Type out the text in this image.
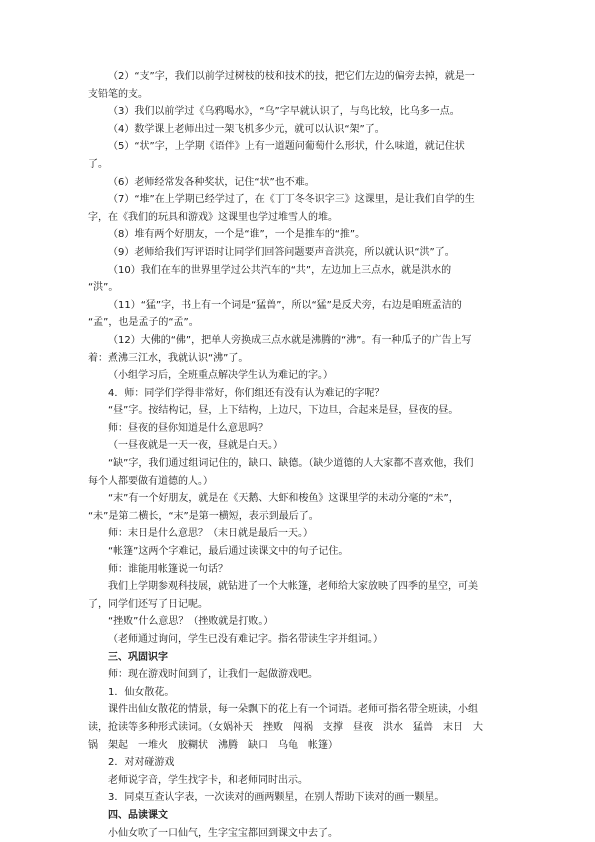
（2）“支”字，我们以前学过树枝的枝和技术的技，把它们左边的偏旁去掉，就是一
支铅笔的支。
（3）我们以前学过《乌鸦喝水》，“乌”字早就认识了，与鸟比较，比乌多一点。
（4）数学课上老师出过一架飞机多少元，就可以认识“架”了。
（5）“状”字，上学期《语伴》上有一道题问葡萄什么形状，什么味道，就记住状
了。
（6）老师经常发各种奖状，记住“状”也不难。
（7）“堆”在上学期已经学过了，在《丁丁冬冬识字三》这课里，是让我们自学的生
字，在《我们的玩具和游戏》这课里也学过堆雪人的堆。
（8）堆有两个好朋友，一个是“谁”，一个是推车的“推”。
（9）老师给我们写评语时让同学们回答问题要声音洪亮，所以就认识“洪”了。
（10）我们在车的世界里学过公共汽车的“共”，左边加上三点水，就是洪水的
“洪”。
（11）“猛”字，书上有一个词是“猛兽”，所以“猛”是反犬旁，右边是咱班孟洁的
“孟”，也是孟子的“孟”。
（12）大佛的“佛”，把单人旁换成三点水就是沸腾的“沸”。有一种瓜子的广告上写
着：煮沸三江水，我就认识“沸”了。
（小组学习后，全班重点解决学生认为难记的字。）
4．师：同学们学得非常好，你们组还有没有认为难记的字呢？
“昼”字。按结构记，昼，上下结构，上边尺，下边旦，合起来是昼，昼夜的昼。
师：昼夜的昼你知道是什么意思吗？
（一昼夜就是一天一夜，昼就是白天。）
“缺”字，我们通过组词记住的，缺口、缺德。（缺少道德的人大家都不喜欢他，我们
每个人都要做有道德的人。）
“末”有一个好朋友，就是在《天鹅、大虾和梭鱼》这课里学的未动分毫的“未”，
“未”是第二横长，“末”是第一横短，表示到最后了。
师：末日是什么意思？（末日就是最后一天。）
“帐篷”这两个字难记，最后通过读课文中的句子记住。
师：谁能用帐篷说一句话？
我们上学期参观科技展，就钻进了一个大帐篷，老师给大家放映了四季的星空，可美
了，同学们还写了日记呢。
“挫败”什么意思？（挫败就是打败。）
（老师通过询问，学生已没有难记字。指名带读生字并组词。）
三、巩固识字
师：现在游戏时间到了，让我们一起做游戏吧。
1．仙女散花。
课件出仙女散花的情景，每一朵飘下的花上有一个词语。老师可指名带全班读，小组
读，抢读等多种形式读词。（女娲补天　挫败　闯祸　支撑　昼夜　洪水　猛兽　末日　大
锅　架起　一堆火　胶糊状　沸腾　缺口　乌龟　帐篷）
2．对对碰游戏
老师说字音，学生找字卡，和老师同时出示。
3．同桌互查认字表，一次读对的画两颗星，在别人帮助下读对的画一颗星。
四、品读课文
小仙女吹了一口仙气，生字宝宝都回到课文中去了。
